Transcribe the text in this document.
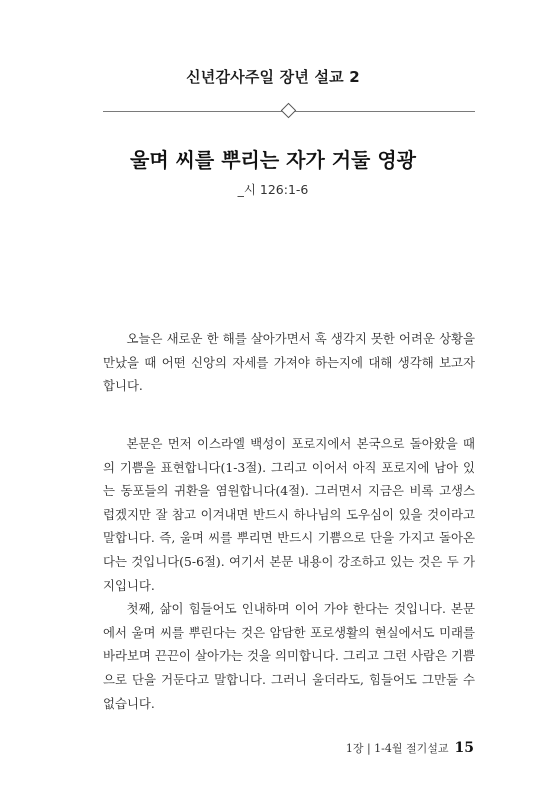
신년감사주일 장년 설교 2
울며 씨를 뿌리는 자가 거둘 영광
_시 126:1-6

오늘은 새로운 한 해를 살아가면서 혹 생각지 못한 어려운 상황을 만났을 때 어떤 신앙의 자세를 가져야 하는지에 대해 생각해 보고자 합니다.

본문은 먼저 이스라엘 백성이 포로지에서 본국으로 돌아왔을 때의 기쁨을 표현합니다(1-3절). 그리고 이어서 아직 포로지에 남아 있는 동포들의 귀환을 염원합니다(4절). 그러면서 지금은 비록 고생스럽겠지만 잘 참고 이겨내면 반드시 하나님의 도우심이 있을 것이라고 말합니다. 즉, 울며 씨를 뿌리면 반드시 기쁨으로 단을 가지고 돌아온다는 것입니다(5-6절). 여기서 본문 내용이 강조하고 있는 것은 두 가지입니다.

첫째, 삶이 힘들어도 인내하며 이어 가야 한다는 것입니다. 본문에서 울며 씨를 뿌린다는 것은 암담한 포로생활의 현실에서도 미래를 바라보며 끈끈이 살아가는 것을 의미합니다. 그리고 그런 사람은 기쁨으로 단을 거둔다고 말합니다. 그러니 울더라도, 힘들어도 그만둘 수 없습니다.

1장 | 1-4월 절기설교 15
